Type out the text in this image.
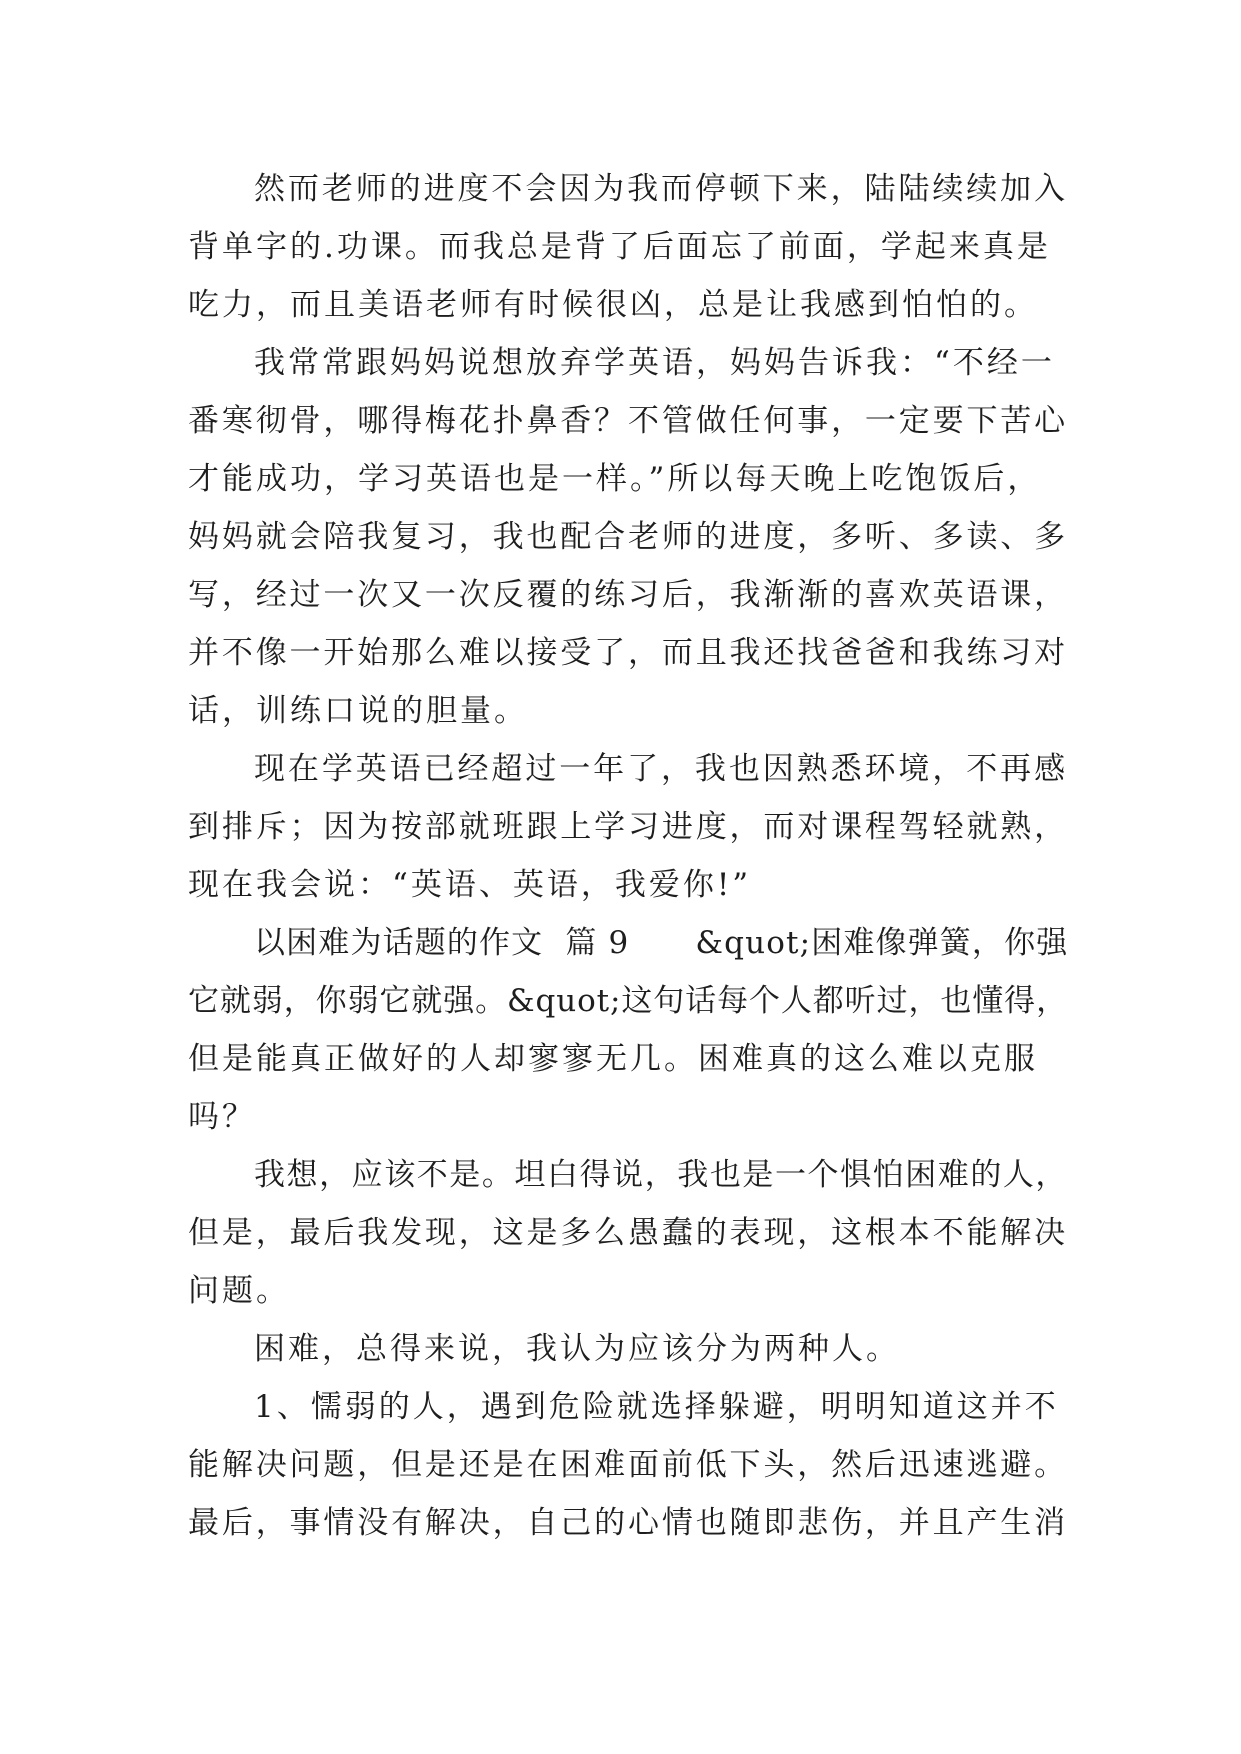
然而老师的进度不会因为我而停顿下来，陆陆续续加入
背单字的.功课。而我总是背了后面忘了前面，学起来真是
吃力，而且美语老师有时候很凶，总是让我感到怕怕的。
我常常跟妈妈说想放弃学英语，妈妈告诉我：“不经一
番寒彻骨，哪得梅花扑鼻香？不管做任何事，一定要下苦心
才能成功，学习英语也是一样。”所以每天晚上吃饱饭后，
妈妈就会陪我复习，我也配合老师的进度，多听、多读、多
写，经过一次又一次反覆的练习后，我渐渐的喜欢英语课，
并不像一开始那么难以接受了，而且我还找爸爸和我练习对
话，训练口说的胆量。
现在学英语已经超过一年了，我也因熟悉环境，不再感
到排斥；因为按部就班跟上学习进度，而对课程驾轻就熟，
现在我会说：“英语、英语，我爱你!”
以困难为话题的作文  篇 9      &quot;困难像弹簧，你强
它就弱，你弱它就强。&quot;这句话每个人都听过，也懂得，
但是能真正做好的人却寥寥无几。困难真的这么难以克服
吗？
我想，应该不是。坦白得说，我也是一个惧怕困难的人，
但是，最后我发现，这是多么愚蠢的表现，这根本不能解决
问题。
困难，总得来说，我认为应该分为两种人。
1、懦弱的人，遇到危险就选择躲避，明明知道这并不
能解决问题，但是还是在困难面前低下头，然后迅速逃避。
最后，事情没有解决，自己的心情也随即悲伤，并且产生消
